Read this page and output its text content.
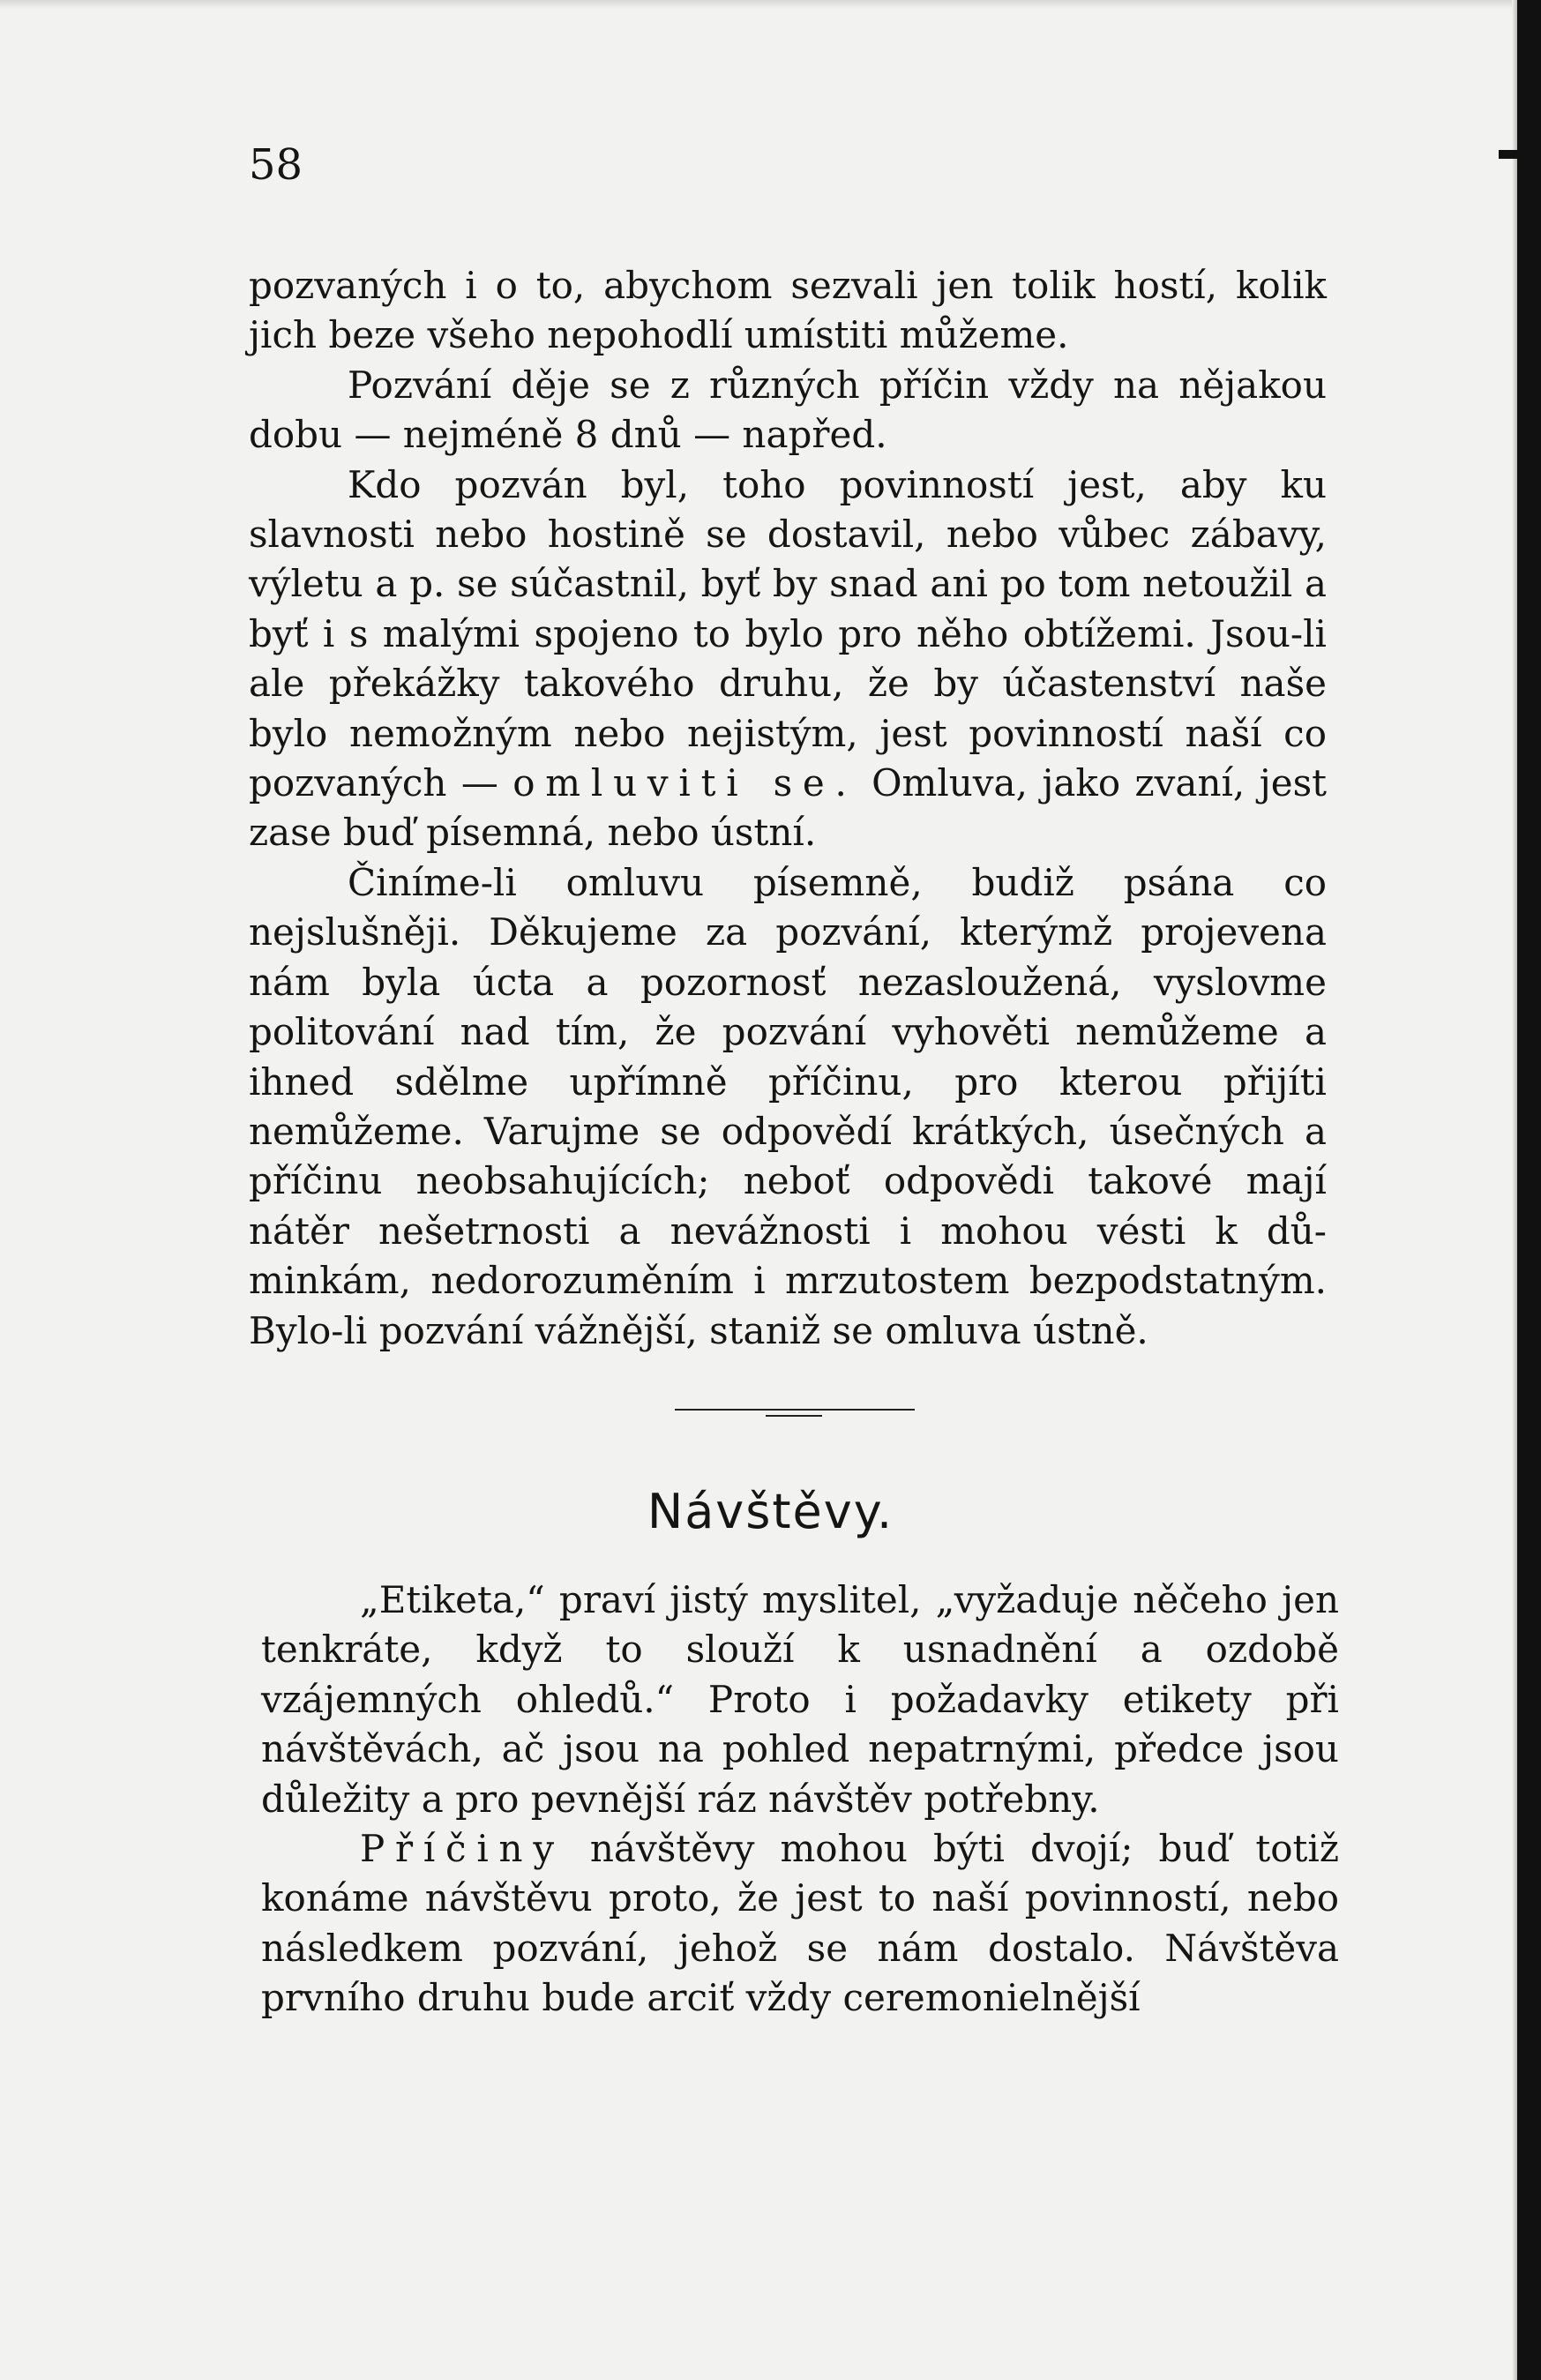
58

pozvaných i o to, abychom sezvali jen tolik hostí, kolik jich beze všeho nepohodlí umístiti můžeme.

Pozvání děje se z různých příčin vždy na nějakou dobu — nejméně 8 dnů — napřed.

Kdo pozván byl, toho povinností jest, aby ku slavnosti nebo hostině se dostavil, nebo vůbec zábavy, výletu a p. se súčastnil, byť by snad ani po tom netoužil a byť i s malými spojeno to bylo pro něho obtížemi. Jsou-li ale překážky takového druhu, že by účastenství naše bylo nemožným nebo nejistým, jest povinností naší co pozvaných — omluviti se. Omluva, jako zvaní, jest zase buď písemná, nebo ústní.

Činíme-li omluvu písemně, budiž psána co nejslušněji. Děkujeme za pozvání, kterýmž projevena nám byla úcta a pozornosť nezasloužená, vyslovme politování nad tím, že pozvání vyhověti nemůžeme a ihned sdělme upřímně příčinu, pro kterou přijíti nemůžeme. Varujme se odpovědí krátkých, úsečných a příčinu neobsahujících; neboť odpovědi takové mají nátěr nešetrnosti a nevážnosti i mohou vésti k důminkám, nedorozuměním i mrzutostem bezpodstatným. Bylo-li pozvání vážnější, staniž se omluva ústně.

Návštěvy.

„Etiketa,“ praví jistý myslitel, „vyžaduje něčeho jen tenkráte, když to slouží k usnadnění a ozdobě vzájemných ohledů.“ Proto i požadavky etikety při návštěvách, ač jsou na pohled nepatrnými, předce jsou důležity a pro pevnější ráz návštěv potřebny.

Příčiny návštěvy mohou býti dvojí; buď totiž konáme návštěvu proto, že jest to naší povinností, nebo následkem pozvání, jehož se nám dostalo. Návštěva prvního druhu bude arciť vždy ceremonielnější
